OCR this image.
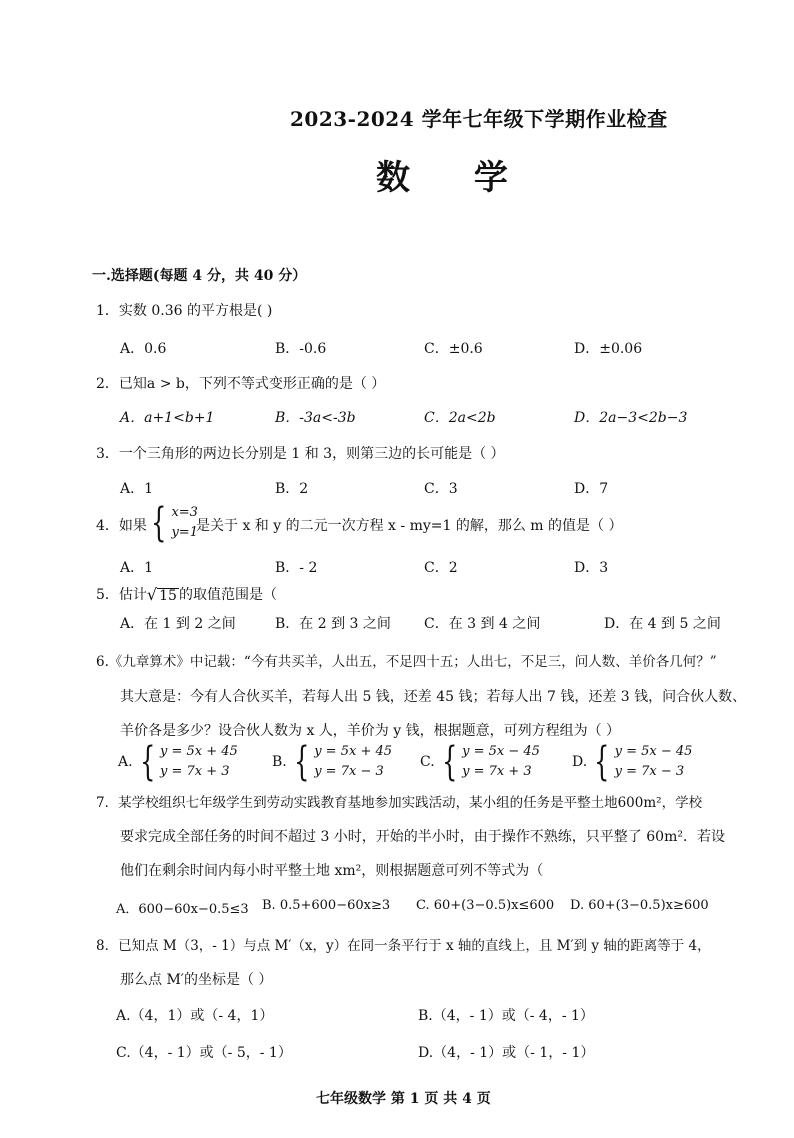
2023-2024 学年七年级下学期作业检查
数 学
一.选择题(每题 4 分，共 40 分）
1．实数 0.36 的平方根是( )
A．0.6	B．-0.6	C．±0.6	D．±0.06
2．已知a > b，下列不等式变形正确的是（ ）
A．a+1<b+1	B．-3a<-3b	C．2a<2b	D．2a−3<2b−3
3．一个三角形的两边长分别是 1 和 3，则第三边的长可能是（ ）
A．1	B．2	C．3	D．7
4．如果 { x=3
y=1
是关于 x 和 y 的二元一次方程 x - my=1 的解，那么 m 的值是（ ）
A．1	B．- 2	C．2	D．3
5．估计 √ 15 的取值范围是（
A．在 1 到 2 之间	B．在 2 到 3 之间 C．在 3 到 4 之间	D．在 4 到 5 之间
6.《九章算术》中记载：“今有共买羊，人出五，不足四十五；人出七，不足三，问人数、羊价各几何？”
其大意是：今有人合伙买羊，若每人出 5 钱，还差 45 钱；若每人出 7 钱，还差 3 钱，问合伙人数、
羊价各是多少？设合伙人数为 x 人，羊价为 y 钱，根据题意，可列方程组为（ ）
A. { y = 5x + 45
y = 7x + 3
B. { y = 5x + 45
y = 7x − 3
C. { y = 5x − 45
y = 7x + 3
D. { y = 5x − 45
y = 7x − 3
7．某学校组织七年级学生到劳动实践教育基地参加实践活动，某小组的任务是平整土地600m²，学校
要求完成全部任务的时间不超过 3 小时，开始的半小时，由于操作不熟练，只平整了 60m²．若设
他们在剩余时间内每小时平整土地 xm²，则根据题意可列不等式为（
A．600−60x−0.5≤3 B. 0.5+600−60x≥3 C. 60+(3−0.5)x≤600 D. 60+(3−0.5)x≥600
8．已知点 M（3，- 1）与点 M′（x，y）在同一条平行于 x 轴的直线上，且 M′到 y 轴的距离等于 4，
那么点 M′的坐标是（ ）
A.（4，1）或（- 4，1）	B.（4，- 1）或（- 4，- 1）
C.（4，- 1）或（- 5，- 1）	D.（4，- 1）或（- 1，- 1）
七年级数学 第 1 页 共 4 页
